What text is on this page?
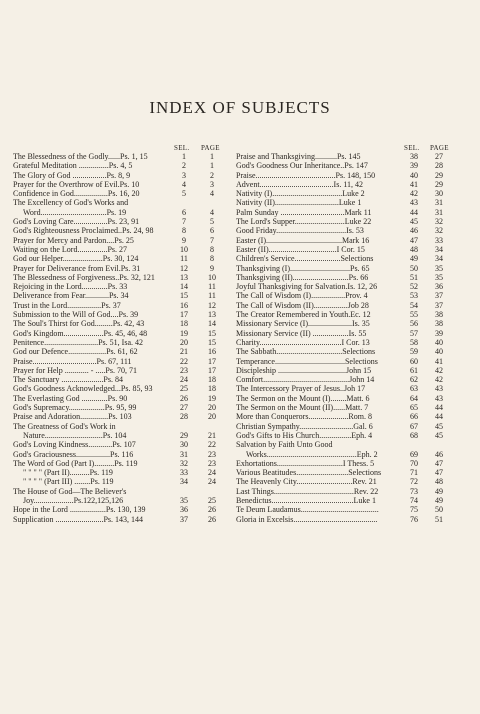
INDEX OF SUBJECTS
SEL. PAGE
The Blessedness of the Godly......Ps. 1, 15	1	1
Grateful Meditation ...............Ps. 4, 5	2	1
The Glory of God .................Ps. 8, 9	3	2
Prayer for the Overthrow of Evil.Ps. 10	4	3
Confidence in God.................Ps. 16, 20	5	4
The Excellency of God's Works and
Word.................................Ps. 19	6	4
God's Loving Care.................Ps. 23, 91	7	5
God's Righteousness Proclaimed..Ps. 24, 98	8	6
Prayer for Mercy and Pardon....Ps. 25	9	7
Waiting on the Lord...............Ps. 27	10	8
God our Helper....................Ps. 30, 124	11	8
Prayer for Deliverance from Evil.Ps. 31	12	9
The Blessedness of Forgiveness..Ps. 32, 121	13	10
Rejoicing in the Lord.............Ps. 33	14	11
Deliverance from Fear............Ps. 34	15	11
Trust in the Lord.................Ps. 37	16	12
Submission to the Will of God....Ps. 39	17	13
The Soul's Thirst for God.........Ps. 42, 43	18	14
God's Kingdom....................Ps. 45, 46, 48	19	15
Penitence...........................Ps. 51, Isa. 42	20	15
God our Defence...................Ps. 61, 62	21	16
Praise................................Ps. 67, 111	22	17
Prayer for Help ............ - .....Ps. 70, 71	23	17
The Sanctuary .....................Ps. 84	24	18
God's Goodness Acknowledged...Ps. 85, 93	25	18
The Everlasting God .............Ps. 90	26	19
God's Supremacy..................Ps. 95, 99	27	20
Praise and Adoration..............Ps. 103	28	20
The Greatness of God's Work in
Nature.............................Ps. 104	29	21
God's Loving Kindness............Ps. 107	30	22
God's Graciousness.................Ps. 116	31	23
The Word of God (Part I)..........Ps. 119	32	23
" " " " (Part II)..........Ps. 119	33	24
" " " " (Part III) ........Ps. 119	34	24
The House of God—The Believer's
Joy....................Ps.122,125,126	35	25
Hope in the Lord ..................Ps. 130, 139	36	26
Supplication ........................Ps. 143, 144	37	26
SEL. PAGE
Praise and Thanksgiving...........Ps. 145	38	27
God's Goodness Our Inheritance..Ps. 147	39	28
Praise........................................Ps. 148, 150	40	29
Advent.....................................Is. 11, 42	41	29
Nativity (I)...................................Luke 2	42	30
Nativity (II)................................Luke 1	43	31
Palm Sunday ................................Mark 11	44	31
The Lord's Supper.........................Luke 22	45	32
Good Friday...................................Is. 53	46	32
Easter (I)......................................Mark 16	47	33
Easter (II)..................................I Cor. 15	48	34
Children's Service.......................Selections	49	34
Thanksgiving (I)..............................Ps. 65	50	35
Thanksgiving (II)............................Ps. 66	51	35
Joyful Thanksgiving for Salvation.Is. 12, 26	52	36
The Call of Wisdom (I).................Prov. 4	53	37
The Call of Wisdom (II).................Job 28	54	37
The Creator Remembered in Youth.Ec. 12	55	38
Missionary Service (I)......................Is. 35	56	38
Missionary Service (II) ..................Is. 55	57	39
Charity.........................................I Cor. 13	58	40
The Sabbath.................................Selections	59	40
Temperance...................................Selections	60	41
Discipleship ..................................John 15	61	42
Comfort...........................................John 14	62	42
The Intercessory Prayer of Jesus..Joh 17	63	43
The Sermon on the Mount (I)........Matt. 6	64	43
The Sermon on the Mount (II)......Matt. 7	65	44
More than Conquerors....................Rom. 8	66	44
Christian Sympathy...........................Gal. 6	67	45
God's Gifts to His Church................Eph. 4	68	45
Salvation by Faith Unto Good
Works.............................................Eph. 2	69	46
Exhortations.................................I Thess. 5	70	47
Various Beatitudes..........................Selections	71	47
The Heavenly City............................Rev. 21	72	48
Last Things........................................Rev. 22	73	49
Benedictus.........................................Luke 1	74	49
Te Deum Laudamus.......................................	75	50
Gloria in Excelsis..........................................	76	51
